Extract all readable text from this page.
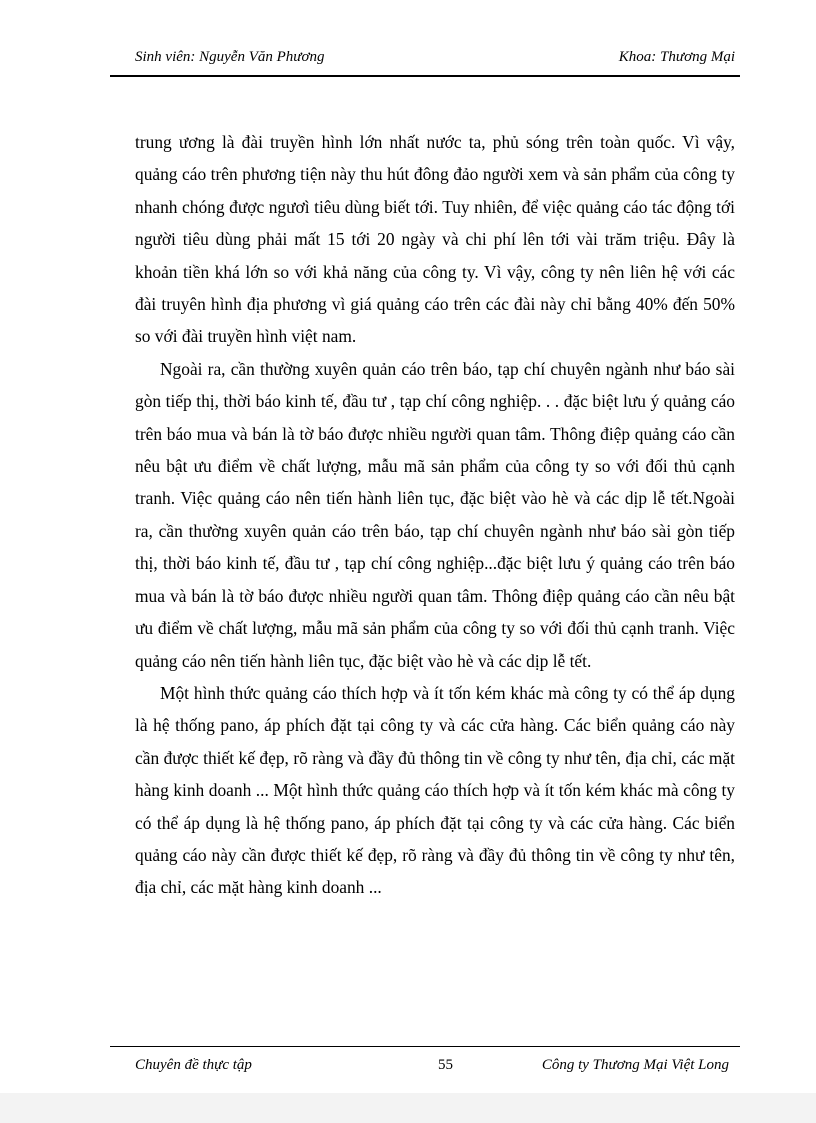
Sinh viên: Nguyễn Văn Phương	Khoa: Thương Mại

trung ương là đài truyền hình lớn nhất nước ta, phủ sóng trên toàn quốc. Vì vậy, quảng cáo trên phương tiện này thu hút đông đảo người xem và sản phẩm của công ty nhanh chóng được ngươì tiêu dùng biết tới. Tuy nhiên, để việc quảng cáo tác động tới người tiêu dùng phải mất 15 tới 20 ngày và chi phí lên tới vài trăm triệu. Đây là khoản tiền khá lớn so với khả năng của công ty. Vì vậy, công ty nên liên hệ với các đài truyên hình địa phương vì giá quảng cáo trên các đài này chỉ bằng 40% đến 50% so với đài truyền hình việt nam.

Ngoài ra, cần thường xuyên quản cáo trên báo, tạp chí chuyên ngành như báo sài gòn tiếp thị, thời báo kinh tế, đầu tư , tạp chí công nghiệp. . . đặc biệt lưu ý quảng cáo trên báo mua và bán là tờ báo được nhiều người quan tâm. Thông điệp quảng cáo cần nêu bật ưu điểm về chất lượng, mẫu mã sản phẩm của công ty so với đối thủ cạnh tranh. Việc quảng cáo nên tiến hành liên tục, đặc biệt vào hè và các dịp lễ tết.Ngoài ra, cần thường xuyên quản cáo trên báo, tạp chí chuyên ngành như báo sài gòn tiếp thị, thời báo kinh tế, đầu tư , tạp chí công nghiệp...đặc biệt lưu ý quảng cáo trên báo mua và bán là tờ báo được nhiều người quan tâm. Thông điệp quảng cáo cần nêu bật ưu điểm về chất lượng, mẫu mã sản phẩm của công ty so với đối thủ cạnh tranh. Việc quảng cáo nên tiến hành liên tục, đặc biệt vào hè và các dịp lễ tết.

Một hình thức quảng cáo thích hợp và ít tốn kém khác mà công ty có thể áp dụng là hệ thống pano, áp phích đặt tại công ty và các cửa hàng. Các biển quảng cáo này cần được thiết kế đẹp, rõ ràng và đầy đủ thông tin về công ty như tên, địa chỉ, các mặt hàng kinh doanh ... Một hình thức quảng cáo thích hợp và ít tốn kém khác mà công ty có thể áp dụng là hệ thống pano, áp phích đặt tại công ty và các cửa hàng. Các biển quảng cáo này cần được thiết kế đẹp, rõ ràng và đầy đủ thông tin về công ty như tên, địa chỉ, các mặt hàng kinh doanh ...

Chuyên đề thực tập	55	Công ty Thương Mại Việt Long
